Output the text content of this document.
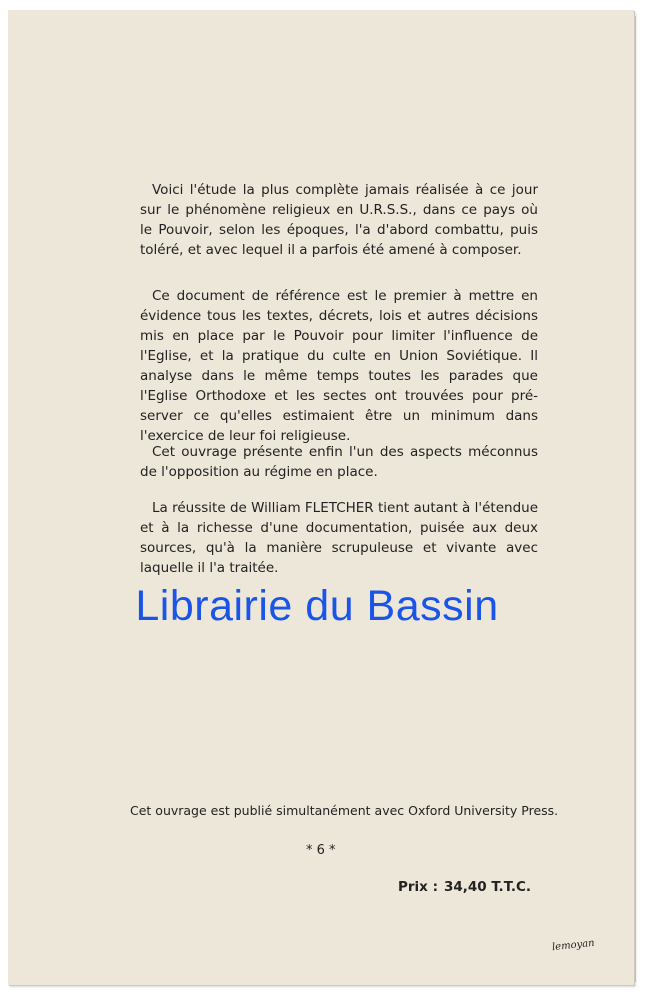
Voici l'étude la plus complète jamais réalisée à ce jour sur le phénomène religieux en U.R.S.S., dans ce pays où le Pouvoir, selon les époques, l'a d'abord combattu, puis toléré, et avec lequel il a parfois été amené à composer.

Ce document de référence est le premier à mettre en évidence tous les textes, décrets, lois et autres décisions mis en place par le Pouvoir pour limiter l'influence de l'Eglise, et la pratique du culte en Union Soviétique. Il analyse dans le même temps toutes les parades que l'Eglise Orthodoxe et les sectes ont trouvées pour pré-server ce qu'elles estimaient être un minimum dans l'exercice de leur foi religieuse.

Cet ouvrage présente enfin l'un des aspects méconnus de l'opposition au régime en place.

La réussite de William FLETCHER tient autant à l'étendue et à la richesse d'une documentation, puisée aux deux sources, qu'à la manière scrupuleuse et vivante avec laquelle il l'a traitée.

Librairie du Bassin
Cet ouvrage est publié simultanément avec Oxford University Press.
* 6 *
Prix : 34,40 T.T.C.
lemoyan
